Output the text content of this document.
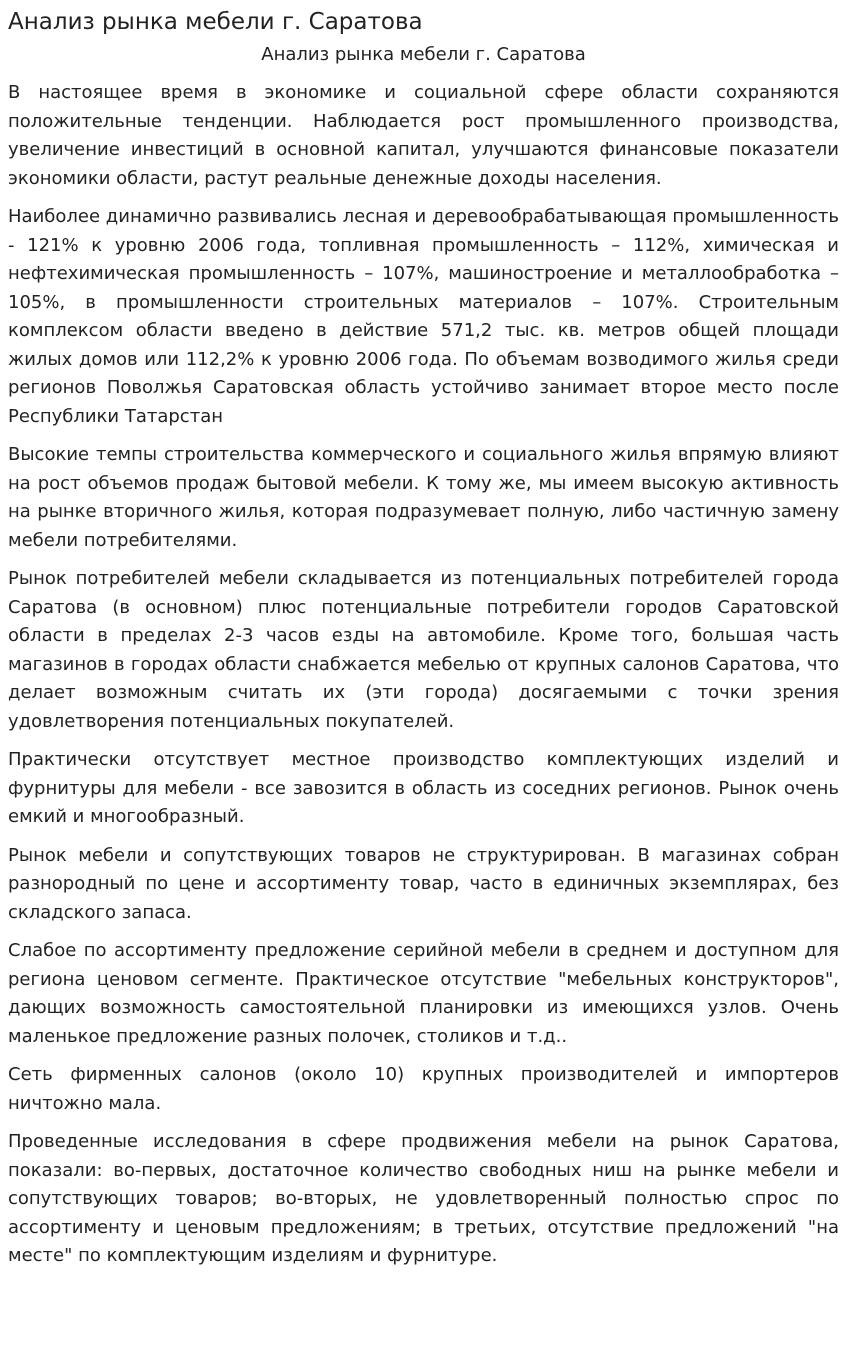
Анализ рынка мебели г. Саратова
Анализ рынка мебели г. Саратова

В настоящее время в экономике и социальной сфере области сохраняются положительные тенденции. Наблюдается рост промышленного производства, увеличение инвестиций в основной капитал, улучшаются финансовые показатели экономики области, растут реальные денежные доходы населения.

Наиболее динамично развивались лесная и деревообрабатывающая промышленность - 121% к уровню 2006 года, топливная промышленность – 112%, химическая и нефтехимическая промышленность – 107%, машиностроение и металлообработка – 105%, в промышленности строительных материалов – 107%. Строительным комплексом области введено в действие 571,2 тыс. кв. метров общей площади жилых домов или 112,2% к уровню 2006 года. По объемам возводимого жилья среди регионов Поволжья Саратовская область устойчиво занимает второе место после Республики Татарстан

Высокие темпы строительства коммерческого и социального жилья впрямую влияют на рост объемов продаж бытовой мебели. К тому же, мы имеем высокую активность на рынке вторичного жилья, которая подразумевает полную, либо частичную замену мебели потребителями.

Рынок потребителей мебели складывается из потенциальных потребителей города Саратова (в основном) плюс потенциальные потребители городов Саратовской области в пределах 2-3 часов езды на автомобиле. Кроме того, большая часть магазинов в городах области снабжается мебелью от крупных салонов Саратова, что делает возможным считать их (эти города) досягаемыми с точки зрения удовлетворения потенциальных покупателей.

Практически отсутствует местное производство комплектующих изделий и фурнитуры для мебели - все завозится в область из соседних регионов. Рынок очень емкий и многообразный.

Рынок мебели и сопутствующих товаров не структурирован. В магазинах собран разнородный по цене и ассортименту товар, часто в единичных экземплярах, без складского запаса.

Слабое по ассортименту предложение серийной мебели в среднем и доступном для региона ценовом сегменте. Практическое отсутствие "мебельных конструкторов", дающих возможность самостоятельной планировки из имеющихся узлов. Очень маленькое предложение разных полочек, столиков и т.д..

Сеть фирменных салонов (около 10) крупных производителей и импортеров ничтожно мала.

Проведенные исследования в сфере продвижения мебели на рынок Саратова, показали: во-первых, достаточное количество свободных ниш на рынке мебели и сопутствующих товаров; во-вторых, не удовлетворенный полностью спрос по ассортименту и ценовым предложениям; в третьих, отсутствие предложений "на месте" по комплектующим изделиям и фурнитуре.
